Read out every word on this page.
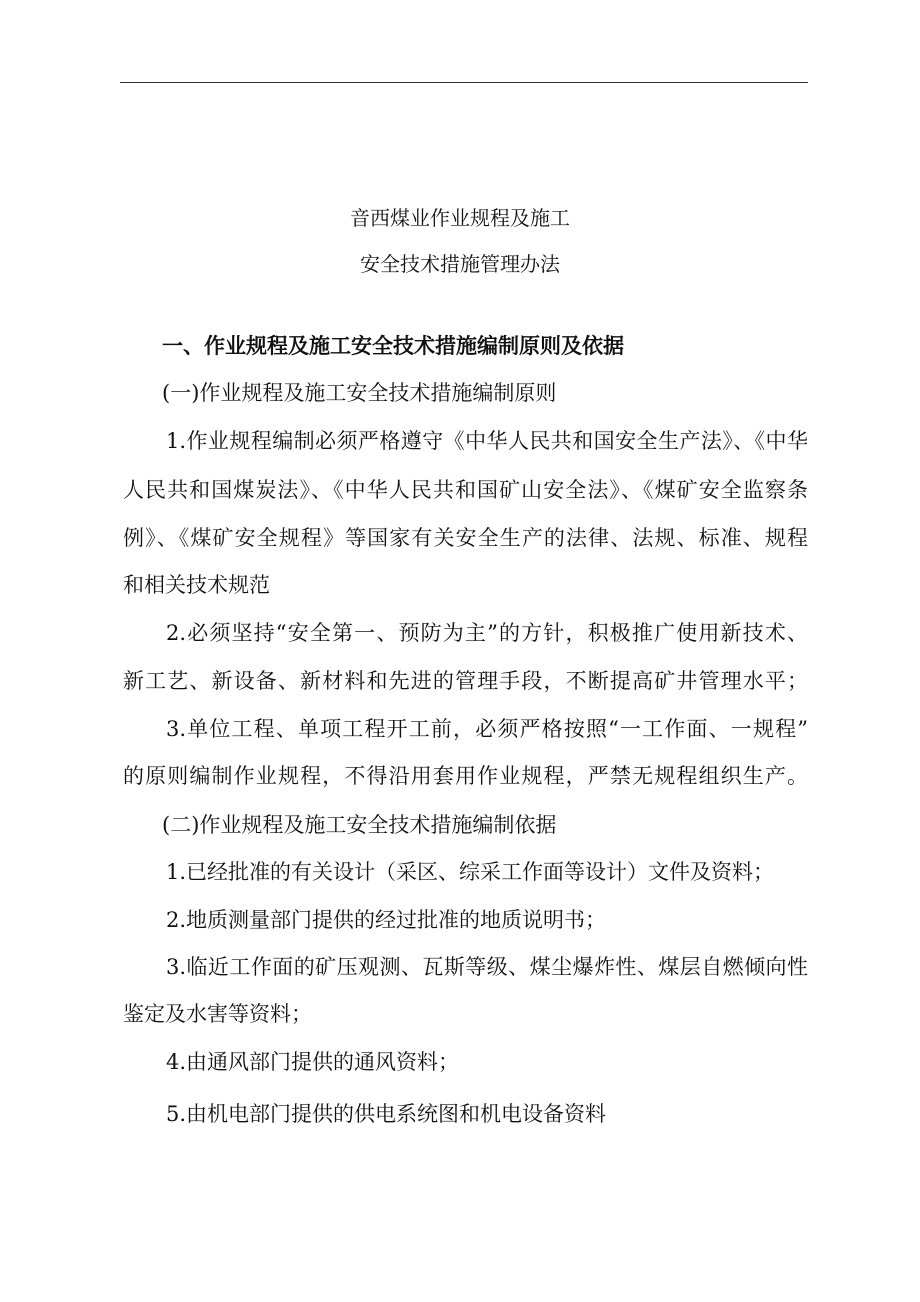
音西煤业作业规程及施工
安全技术措施管理办法
一、作业规程及施工安全技术措施编制原则及依据
(一)作业规程及施工安全技术措施编制原则
1.作业规程编制必须严格遵守《中华人民共和国安全生产法》、《中华
人民共和国煤炭法》、《中华人民共和国矿山安全法》、《煤矿安全监察条
例》、《煤矿安全规程》等国家有关安全生产的法律、法规、标准、规程
和相关技术规范
2.必须坚持“安全第一、预防为主”的方针，积极推广使用新技术、
新工艺、新设备、新材料和先进的管理手段，不断提高矿井管理水平；
3.单位工程、单项工程开工前，必须严格按照“一工作面、一规程”
的原则编制作业规程，不得沿用套用作业规程，严禁无规程组织生产。
(二)作业规程及施工安全技术措施编制依据
1.已经批准的有关设计（采区、综采工作面等设计）文件及资料；
2.地质测量部门提供的经过批准的地质说明书；
3.临近工作面的矿压观测、瓦斯等级、煤尘爆炸性、煤层自燃倾向性
鉴定及水害等资料；
4.由通风部门提供的通风资料；
5.由机电部门提供的供电系统图和机电设备资料
